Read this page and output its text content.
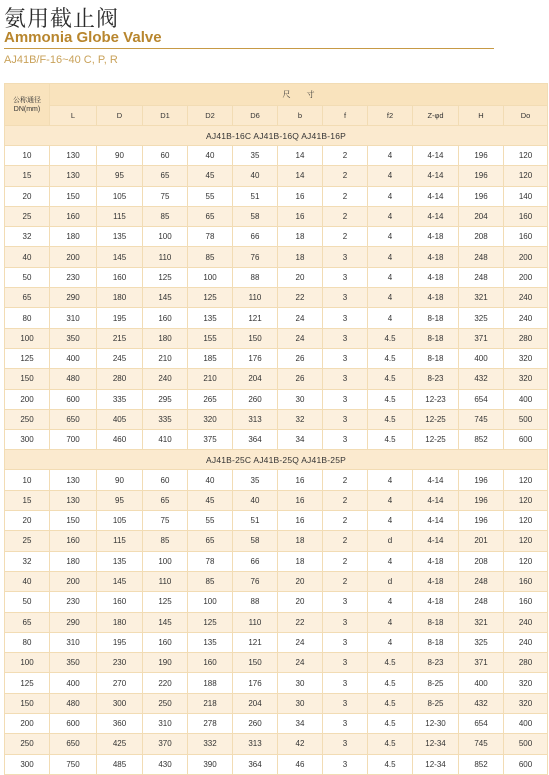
氨用截止阀
Ammonia Globe Valve
AJ41B/F-16~40 C, P, R
公称通径
DN(mm)	尺　　寸										
	L	D	D1	D2	D6	b	f	f2	Z-φd	H	Do
AJ41B-16C AJ41B-16Q AJ41B-16P											
10	130	90	60	40	35	14	2	4	4-14	196	120
15	130	95	65	45	40	14	2	4	4-14	196	120
20	150	105	75	55	51	16	2	4	4-14	196	140
25	160	115	85	65	58	16	2	4	4-14	204	160
32	180	135	100	78	66	18	2	4	4-18	208	160
40	200	145	110	85	76	18	3	4	4-18	248	200
50	230	160	125	100	88	20	3	4	4-18	248	200
65	290	180	145	125	110	22	3	4	4-18	321	240
80	310	195	160	135	121	24	3	4	8-18	325	240
100	350	215	180	155	150	24	3	4.5	8-18	371	280
125	400	245	210	185	176	26	3	4.5	8-18	400	320
150	480	280	240	210	204	26	3	4.5	8-23	432	320
200	600	335	295	265	260	30	3	4.5	12-23	654	400
250	650	405	335	320	313	32	3	4.5	12-25	745	500
300	700	460	410	375	364	34	3	4.5	12-25	852	600
AJ41B-25C AJ41B-25Q AJ41B-25P											
10	130	90	60	40	35	16	2	4	4-14	196	120
15	130	95	65	45	40	16	2	4	4-14	196	120
20	150	105	75	55	51	16	2	4	4-14	196	120
25	160	115	85	65	58	18	2	d	4-14	201	120
32	180	135	100	78	66	18	2	4	4-18	208	120
40	200	145	110	85	76	20	2	d	4-18	248	160
50	230	160	125	100	88	20	3	4	4-18	248	160
65	290	180	145	125	110	22	3	4	8-18	321	240
80	310	195	160	135	121	24	3	4	8-18	325	240
100	350	230	190	160	150	24	3	4.5	8-23	371	280
125	400	270	220	188	176	30	3	4.5	8-25	400	320
150	480	300	250	218	204	30	3	4.5	8-25	432	320
200	600	360	310	278	260	34	3	4.5	12-30	654	400
250	650	425	370	332	313	42	3	4.5	12-34	745	500
300	750	485	430	390	364	46	3	4.5	12-34	852	600
